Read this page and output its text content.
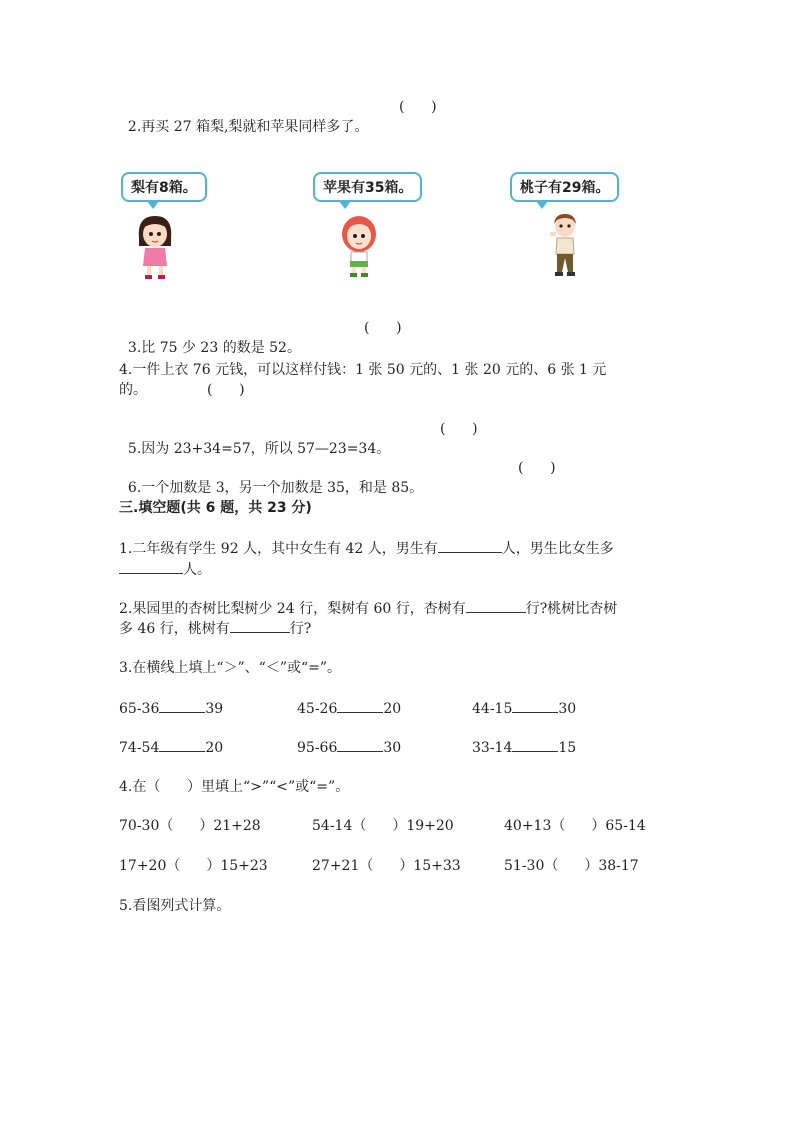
2.再买 27 箱梨,梨就和苹果同样多了。

(      )
梨有8箱。	苹果有35箱。	桃子有29箱。

3.比 75 少 23 的数是 52。

(      )
4.一件上衣 76 元钱，可以这样付钱：1 张 50 元的、1 张 20 元的、6 张 1 元
的。	(      )

5.因为 23+34=57，所以 57—23=34。

(      )

6.一个加数是 3，另一个加数是 35，和是 85。

(      )
三.填空题(共 6 题，共 23 分)
1.二年级有学生 92 人，其中女生有 42 人，男生有	人，男生比女生多
人。
2.果园里的杏树比梨树少 24 行，梨树有 60 行，杏树有	行?桃树比杏树
多 46 行，桃树有	行?
3.在横线上填上“＞”、“＜”或“=”。
65-36	39	45-26	20	44-15	30
74-54	20	95-66	30	33-14	15
4.在（      ）里填上“>”“<”或“=”。
70-30（ ）21+28	54-14（ ）19+20	40+13（ ）65-14
17+20（ ）15+23	27+21（ ）15+33	51-30（ ）38-17
5.看图列式计算。
